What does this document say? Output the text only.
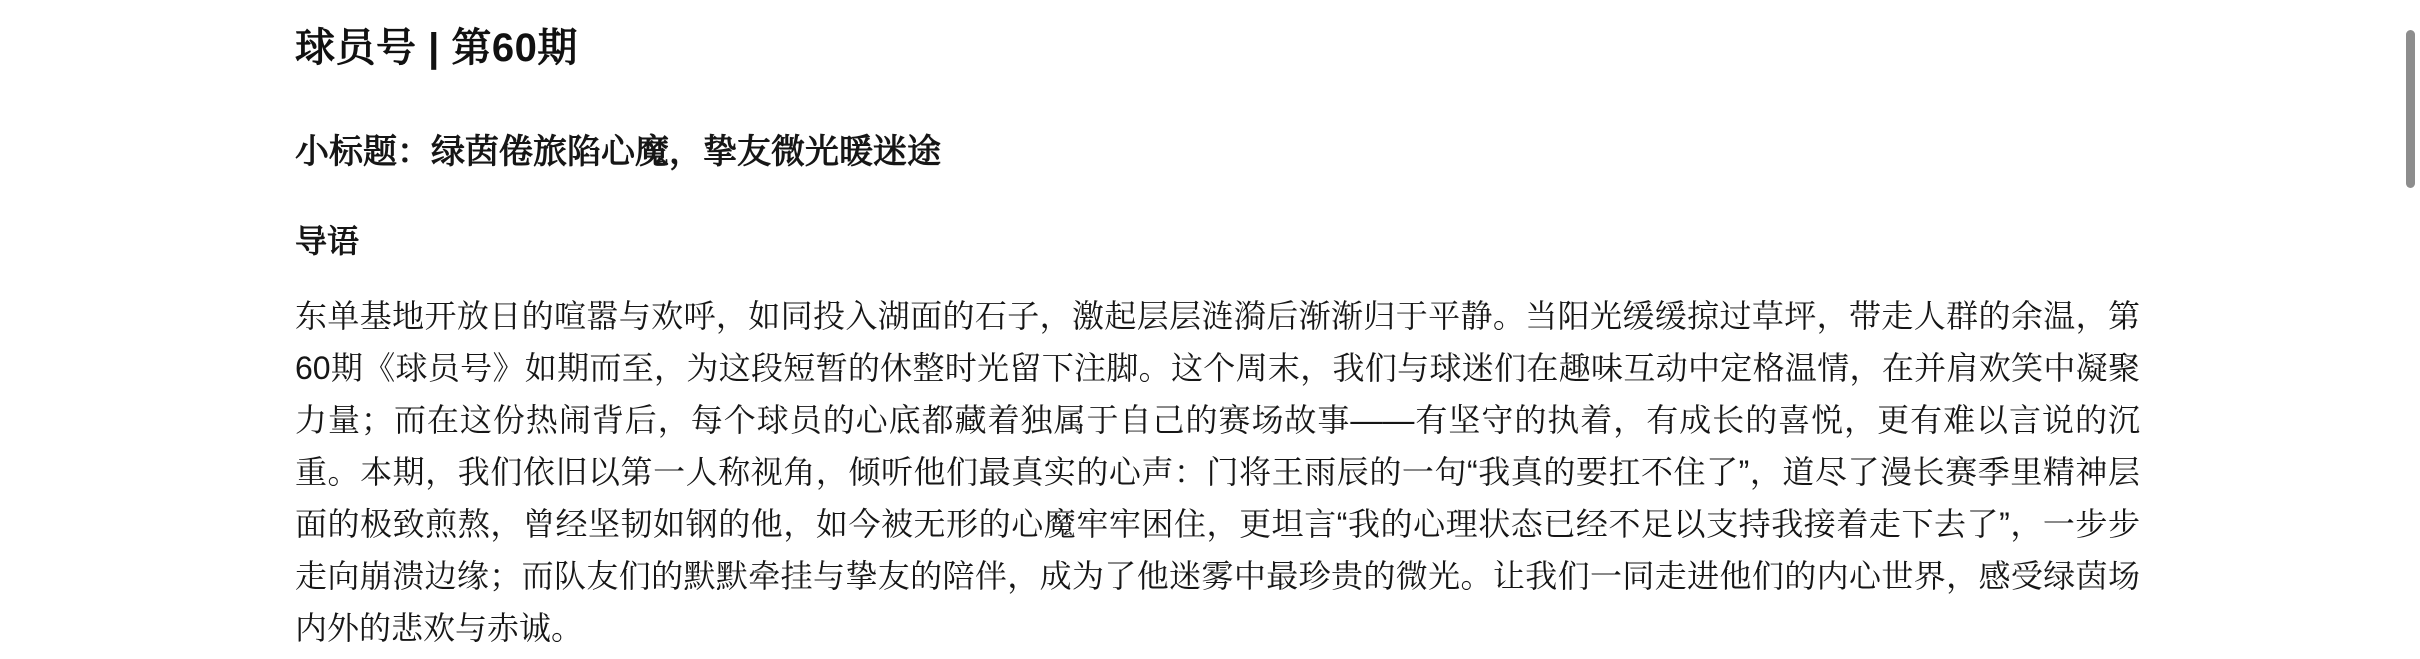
球员号 | 第60期
小标题：绿茵倦旅陷心魔，挚友微光暖迷途
导语

东单基地开放日的喧嚣与欢呼，如同投入湖面的石子，激起层层涟漪后渐渐归于平静。当阳光缓缓掠过草坪，带走人群的余温，第60期《球员号》如期而至，为这段短暂的休整时光留下注脚。这个周末，我们与球迷们在趣味互动中定格温情，在并肩欢笑中凝聚力量；而在这份热闹背后，每个球员的心底都藏着独属于自己的赛场故事——有坚守的执着，有成长的喜悦，更有难以言说的沉重。本期，我们依旧以第一人称视角，倾听他们最真实的心声：门将王雨辰的一句“我真的要扛不住了”，道尽了漫长赛季里精神层面的极致煎熬，曾经坚韧如钢的他，如今被无形的心魔牢牢困住，更坦言“我的心理状态已经不足以支持我接着走下去了”，一步步走向崩溃边缘；而队友们的默默牵挂与挚友的陪伴，成为了他迷雾中最珍贵的微光。让我们一同走进他们的内心世界，感受绿茵场内外的悲欢与赤诚。
